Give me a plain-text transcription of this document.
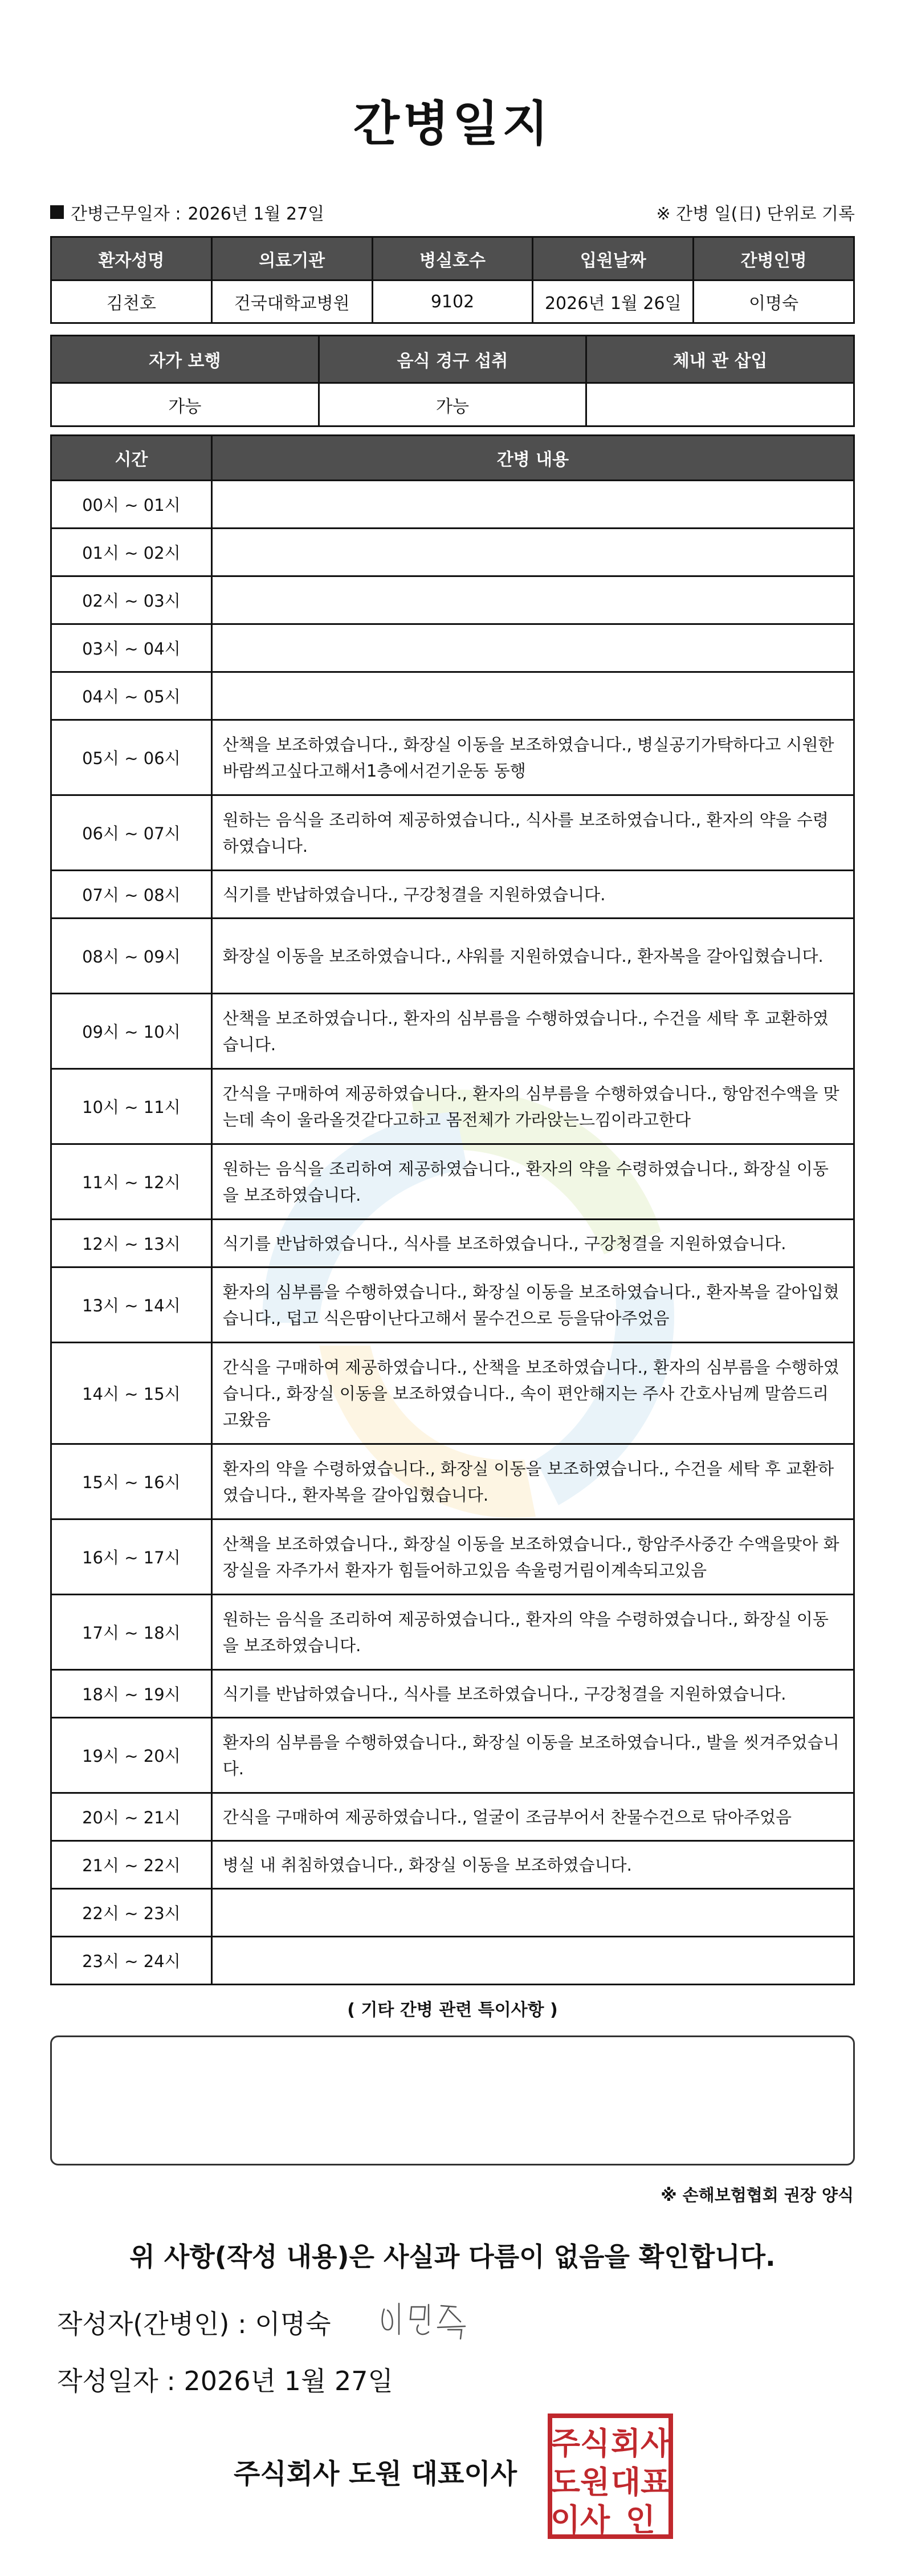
간병일지
간병근무일자 : 2026년 1월 27일	※ 간병 일(日) 단위로 기록
환자성명	의료기관	병실호수	입원날짜	간병인명
김천호	건국대학교병원	9102	2026년 1월 26일	이명숙
자가 보행	음식 경구 섭취	체내 관 삽입
가능	가능	
시간	간병 내용
00시 ~ 01시	
01시 ~ 02시	
02시 ~ 03시	
03시 ~ 04시	
04시 ~ 05시	
05시 ~ 06시	산책을 보조하였습니다., 화장실 이동을 보조하였습니다., 병실공기가탁하다고 시원한바람씌고싶다고해서1층에서걷기운동 동행
06시 ~ 07시	원하는 음식을 조리하여 제공하였습니다., 식사를 보조하였습니다., 환자의 약을 수령하였습니다.
07시 ~ 08시	식기를 반납하였습니다., 구강청결을 지원하였습니다.
08시 ~ 09시	화장실 이동을 보조하였습니다., 샤워를 지원하였습니다., 환자복을 갈아입혔습니다.
09시 ~ 10시	산책을 보조하였습니다., 환자의 심부름을 수행하였습니다., 수건을 세탁 후 교환하였습니다.
10시 ~ 11시	간식을 구매하여 제공하였습니다., 환자의 심부름을 수행하였습니다., 항암전수액을 맞는데 속이 울라올것같다고하고 몸전체가 가라앉는느낌이라고한다
11시 ~ 12시	원하는 음식을 조리하여 제공하였습니다., 환자의 약을 수령하였습니다., 화장실 이동을 보조하였습니다.
12시 ~ 13시	식기를 반납하였습니다., 식사를 보조하였습니다., 구강청결을 지원하였습니다.
13시 ~ 14시	환자의 심부름을 수행하였습니다., 화장실 이동을 보조하였습니다., 환자복을 갈아입혔습니다., 덥고 식은땀이난다고해서 물수건으로 등을닦아주었음
14시 ~ 15시	간식을 구매하여 제공하였습니다., 산책을 보조하였습니다., 환자의 심부름을 수행하였습니다., 화장실 이동을 보조하였습니다., 속이 편안해지는 주사 간호사님께 말씀드리고왔음
15시 ~ 16시	환자의 약을 수령하였습니다., 화장실 이동을 보조하였습니다., 수건을 세탁 후 교환하였습니다., 환자복을 갈아입혔습니다.
16시 ~ 17시	산책을 보조하였습니다., 화장실 이동을 보조하였습니다., 항암주사중간 수액을맞아 화장실을 자주가서 환자가 힘들어하고있음 속울렁거림이계속되고있음
17시 ~ 18시	원하는 음식을 조리하여 제공하였습니다., 환자의 약을 수령하였습니다., 화장실 이동을 보조하였습니다.
18시 ~ 19시	식기를 반납하였습니다., 식사를 보조하였습니다., 구강청결을 지원하였습니다.
19시 ~ 20시	환자의 심부름을 수행하였습니다., 화장실 이동을 보조하였습니다., 발을 씻겨주었습니다.
20시 ~ 21시	간식을 구매하여 제공하였습니다., 얼굴이 조금부어서 찬물수건으로 닦아주었음
21시 ~ 22시	병실 내 취침하였습니다., 화장실 이동을 보조하였습니다.
22시 ~ 23시	
23시 ~ 24시	
( 기타 간병 관련 특이사항 )
※ 손해보험협회 권장 양식
위 사항(작성 내용)은 사실과 다름이 없음을 확인합니다.
작성자(간병인) : 이명숙
작성일자 : 2026년 1월 27일
주식회사 도원 대표이사
주식 회사
도원 대표
이사 인
